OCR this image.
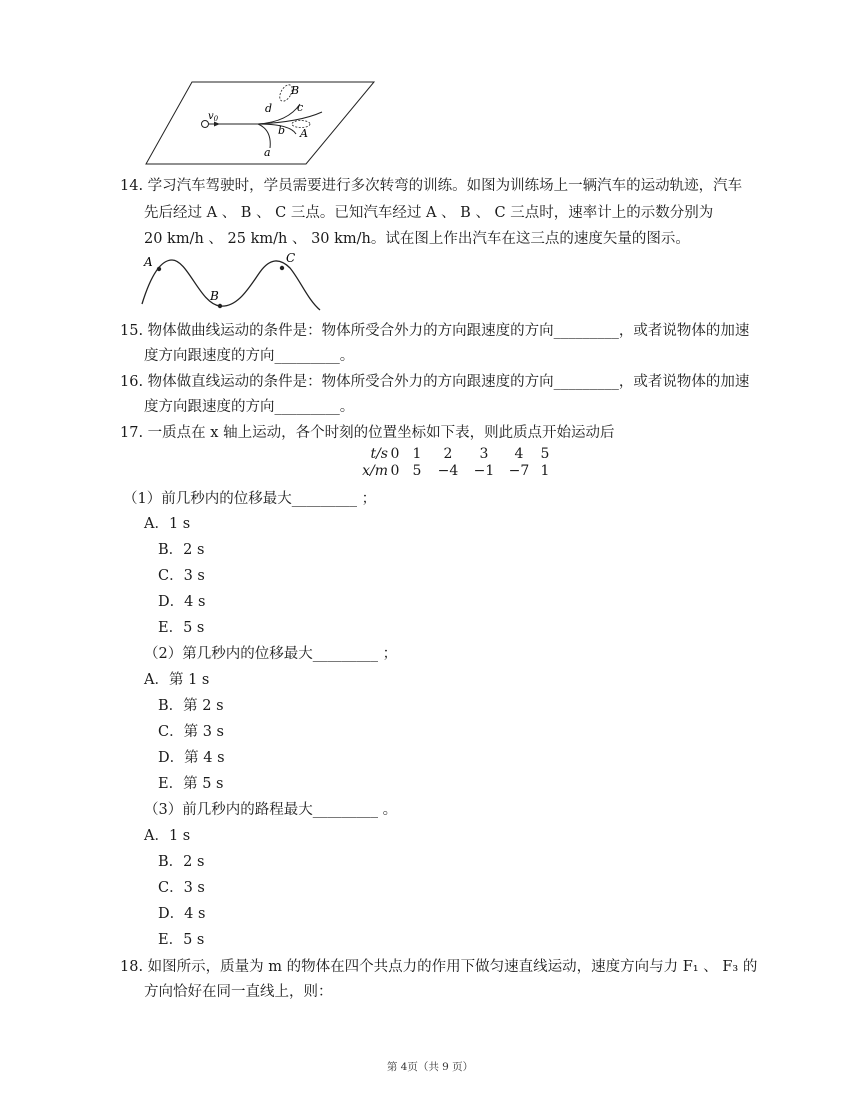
$v_0$
a
b
c
d
A
B
14. 学习汽车驾驶时，学员需要进行多次转弯的训练。如图为训练场上一辆汽车的运动轨迹，汽车
先后经过 A 、 B 、 C 三点。已知汽车经过 A 、 B 、 C 三点时，速率计上的示数分别为
20 km/h 、 25 km/h 、 30 km/h。试在图上作出汽车在这三点的速度矢量的图示。
A
B
C
15. 物体做曲线运动的条件是：物体所受合外力的方向跟速度的方向_________，或者说物体的加速
度方向跟速度的方向_________。
16. 物体做直线运动的条件是：物体所受合外力的方向跟速度的方向_________，或者说物体的加速
度方向跟速度的方向_________。
17. 一质点在 x 轴上运动，各个时刻的位置坐标如下表，则此质点开始运动后
t/s 0 1	2	3	4	5
x/m 0 5	−4	−1	−7 1
（1）前几秒内的位移最大_________ ；
A．1 s
B．2 s
C．3 s
D．4 s
E．5 s
（2）第几秒内的位移最大_________ ；
A．第 1 s
B．第 2 s
C．第 3 s
D．第 4 s
E．第 5 s
（3）前几秒内的路程最大_________ 。
A．1 s
B．2 s
C．3 s
D．4 s
E．5 s
18. 如图所示，质量为 m 的物体在四个共点力的作用下做匀速直线运动，速度方向与力 F₁ 、 F₃ 的
方向恰好在同一直线上，则：
第 4页（共 9 页）
